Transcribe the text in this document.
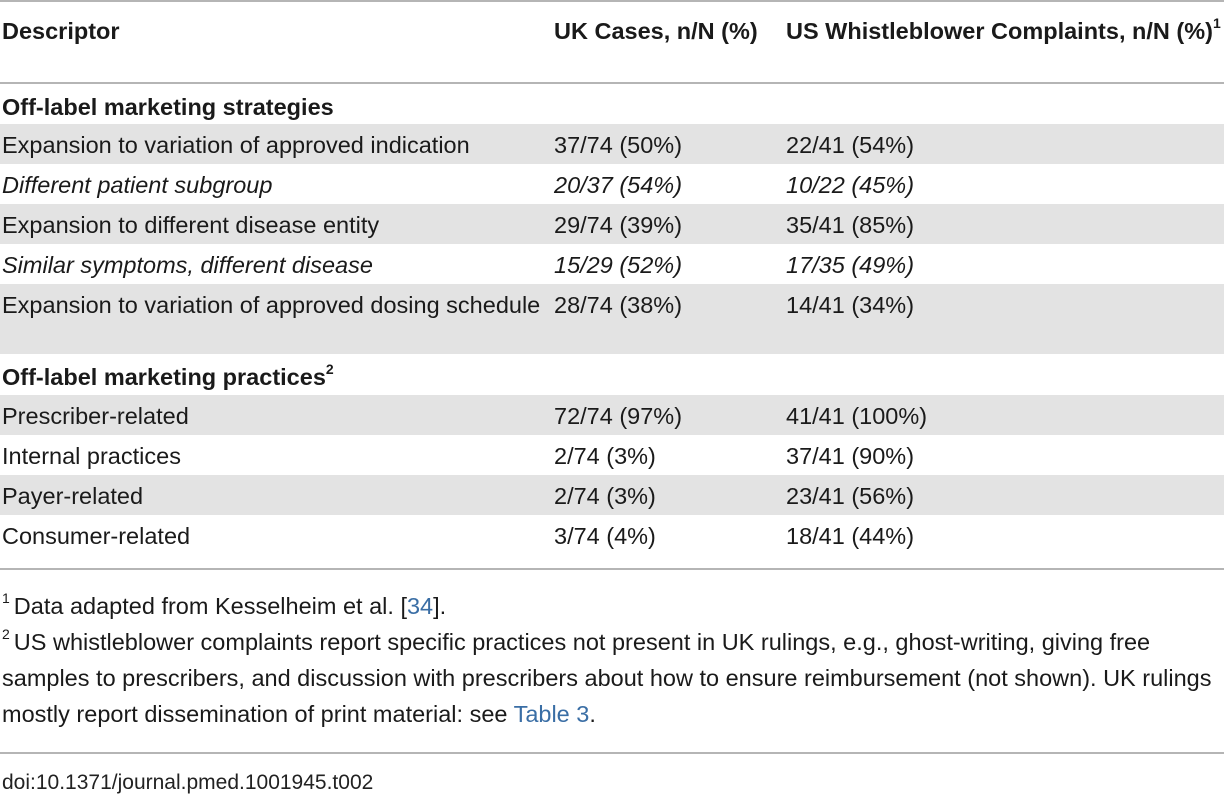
Descriptor	UK Cases, n/N (%)	US Whistleblower Complaints, n/N (%)$^1$
Off-label marketing strategies		
Expansion to variation of approved indication	37/74 (50%)	22/41 (54%)
Different patient subgroup	20/37 (54%)	10/22 (45%)
Expansion to different disease entity	29/74 (39%)	35/41 (85%)
Similar symptoms, different disease	15/29 (52%)	17/35 (49%)
Expansion to variation of approved dosing schedule	28/74 (38%)	14/41 (34%)
Off-label marketing practices$^2$
Prescriber-related	72/74 (97%)	41/41 (100%)
Internal practices	2/74 (3%)	37/41 (90%)
Payer-related	2/74 (3%)	23/41 (56%)
Consumer-related	3/74 (4%)	18/41 (44%)

$^1$ Data adapted from Kesselheim et al. [34].

$^2$ US whistleblower complaints report specific practices not present in UK rulings, e.g., ghost-writing, giving free samples to prescribers, and discussion with prescribers about how to ensure reimbursement (not shown). UK rulings mostly report dissemination of print material: see Table 3.

doi:10.1371/journal.pmed.1001945.t002
